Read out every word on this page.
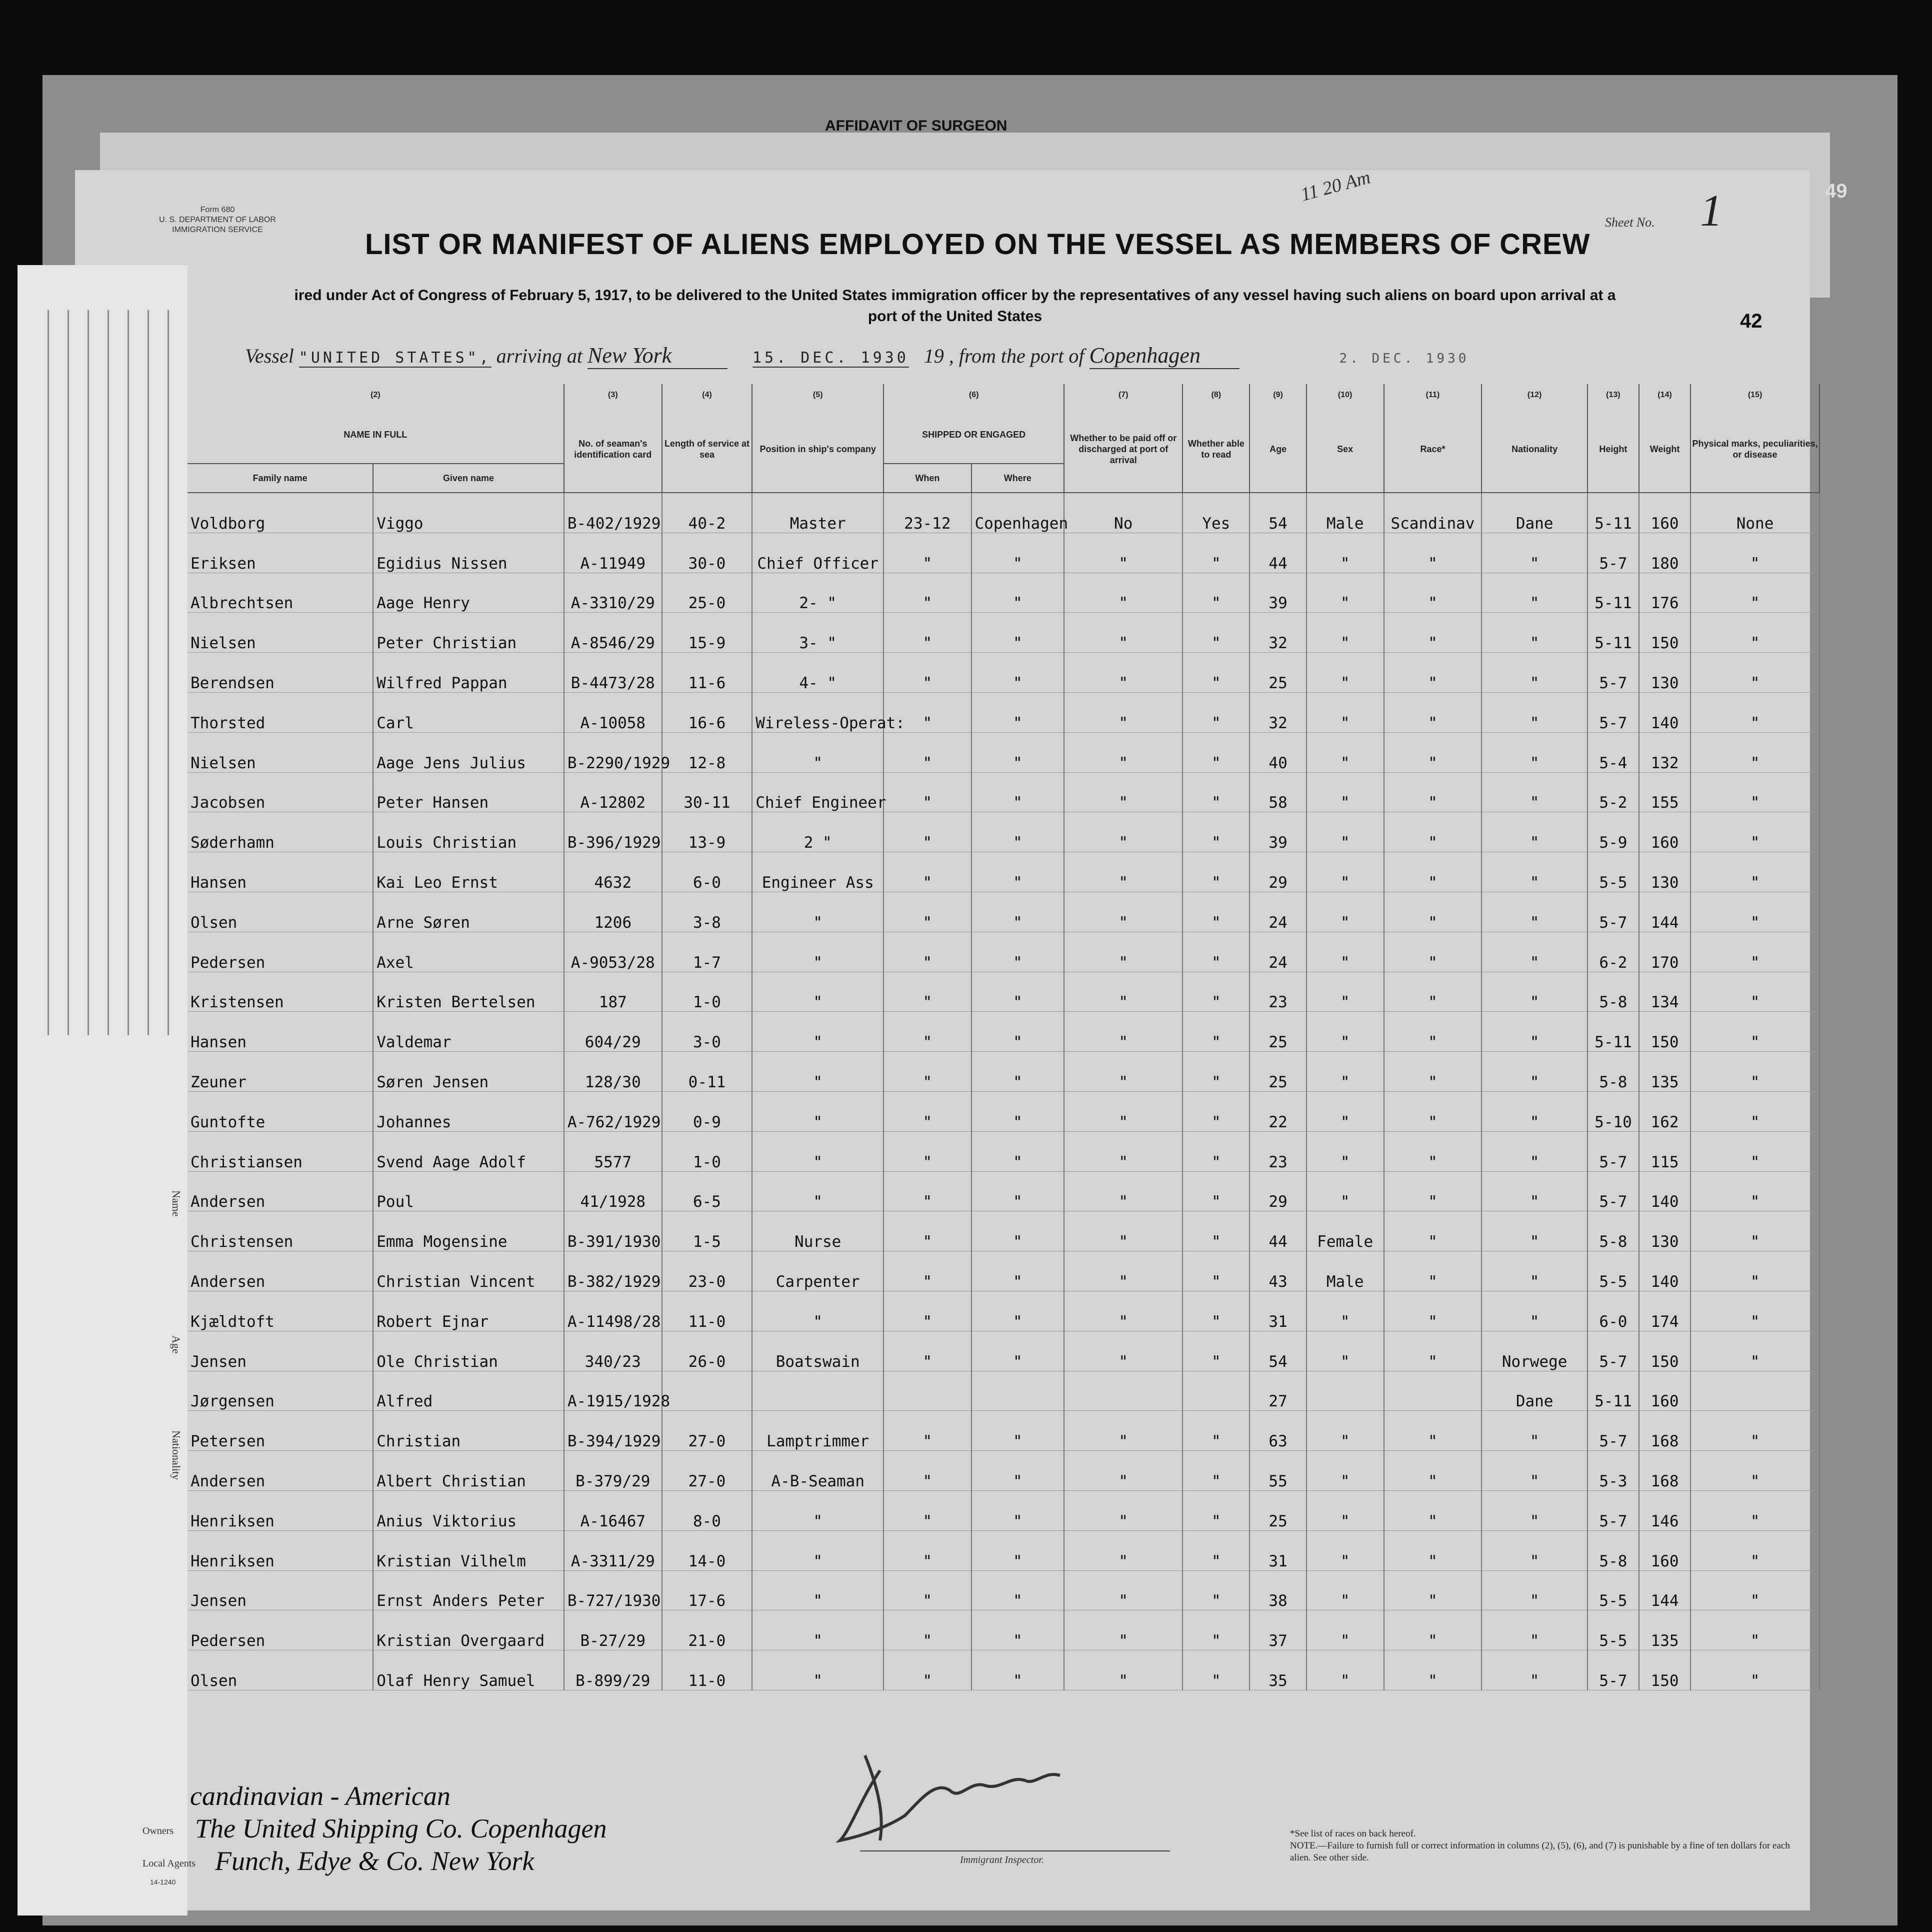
AFFIDAVIT OF SURGEON
49
Name
Age
Nationality
Form 680
U. S. DEPARTMENT OF LABOR
IMMIGRATION SERVICE
11 20 Am
Sheet No. 1
LIST OR MANIFEST OF ALIENS EMPLOYED ON THE VESSEL AS MEMBERS OF CREW
ired under Act of Congress of February 5, 1917, to be delivered to the United States immigration officer by the representatives of any vessel having such aliens on board upon arrival at a
port of the United States	42
Vessel "UNITED STATES", arriving at New York	15. DEC. 1930 19 , from the port of Copenhagen	2. DEC. 1930
(2)		(3)	(4)	(5)	(6)		(7)	(8)	(9)	(10)	(11)	(12)	(13)	(14)	(15)
NAME IN FULL		No. of seaman's identification card	Length of service at sea	Position in ship's company	SHIPPED OR ENGAGED		Whether to be paid off or discharged at port of arrival	Whether able to read	Age	Sex	Race*	Nationality	Height	Weight	Physical marks, peculiarities, or disease
Family name	Given name				When	Where									
Voldborg	Viggo	B-402/1929	40-2	Master	23-12	Copenhagen	No	Yes	54	Male	Scandinav	Dane	5-11	160	None
Eriksen	Egidius Nissen	A-11949	30-0	Chief Officer	"	"	"	"	44	"	"	"	5-7	180	"
Albrechtsen	Aage Henry	A-3310/29	25-0	2- "	"	"	"	"	39	"	"	"	5-11	176	"
Nielsen	Peter Christian	A-8546/29	15-9	3- "	"	"	"	"	32	"	"	"	5-11	150	"
Berendsen	Wilfred Pappan	B-4473/28	11-6	4- "	"	"	"	"	25	"	"	"	5-7	130	"
Thorsted	Carl	A-10058	16-6	Wireless-Operat:	"	"	"	"	32	"	"	"	5-7	140	"
Nielsen	Aage Jens Julius	B-2290/1929	12-8	"	"	"	"	"	40	"	"	"	5-4	132	"
Jacobsen	Peter Hansen	A-12802	30-11	Chief Engineer	"	"	"	"	58	"	"	"	5-2	155	"
Søderhamn	Louis Christian	B-396/1929	13-9	2 "	"	"	"	"	39	"	"	"	5-9	160	"
Hansen	Kai Leo Ernst	4632	6-0	Engineer Ass	"	"	"	"	29	"	"	"	5-5	130	"
Olsen	Arne Søren	1206	3-8	"	"	"	"	"	24	"	"	"	5-7	144	"
Pedersen	Axel	A-9053/28	1-7	"	"	"	"	"	24	"	"	"	6-2	170	"
Kristensen	Kristen Bertelsen	187	1-0	"	"	"	"	"	23	"	"	"	5-8	134	"
Hansen	Valdemar	604/29	3-0	"	"	"	"	"	25	"	"	"	5-11	150	"
Zeuner	Søren Jensen	128/30	0-11	"	"	"	"	"	25	"	"	"	5-8	135	"
Guntofte	Johannes	A-762/1929	0-9	"	"	"	"	"	22	"	"	"	5-10	162	"
Christiansen	Svend Aage Adolf	5577	1-0	"	"	"	"	"	23	"	"	"	5-7	115	"
Andersen	Poul	41/1928	6-5	"	"	"	"	"	29	"	"	"	5-7	140	"
Christensen	Emma Mogensine	B-391/1930	1-5	Nurse	"	"	"	"	44	Female	"	"	5-8	130	"
Andersen	Christian Vincent	B-382/1929	23-0	Carpenter	"	"	"	"	43	Male	"	"	5-5	140	"
Kjældtoft	Robert Ejnar	A-11498/28	11-0	"	"	"	"	"	31	"	"	"	6-0	174	"
Jensen	Ole Christian	340/23	26-0	Boatswain	"	"	"	"	54	"	"	Norwege	5-7	150	"
Jørgensen	Alfred	A-1915/1928							27			Dane	5-11	160	
Petersen	Christian	B-394/1929	27-0	Lamptrimmer	"	"	"	"	63	"	"	"	5-7	168	"
Andersen	Albert Christian	B-379/29	27-0	A-B-Seaman	"	"	"	"	55	"	"	"	5-3	168	"
Henriksen	Anius Viktorius	A-16467	8-0	"	"	"	"	"	25	"	"	"	5-7	146	"
Henriksen	Kristian Vilhelm	A-3311/29	14-0	"	"	"	"	"	31	"	"	"	5-8	160	"
Jensen	Ernst Anders Peter	B-727/1930	17-6	"	"	"	"	"	38	"	"	"	5-5	144	"
Pedersen	Kristian Overgaard	B-27/29	21-0	"	"	"	"	"	37	"	"	"	5-5	135	"
Olsen	Olaf Henry Samuel	B-899/29	11-0	"	"	"	"	"	35	"	"	"	5-7	150	"
Immigrant Inspector.
candinavian - American
Owners The United Shipping Co. Copenhagen
Local Agents Funch, Edye & Co. New York
14-1240
*See list of races on back hereof.
NOTE.—Failure to furnish full or correct information in columns (2), (5), (6), and (7) is punishable by a fine of ten dollars for each alien. See other side.
